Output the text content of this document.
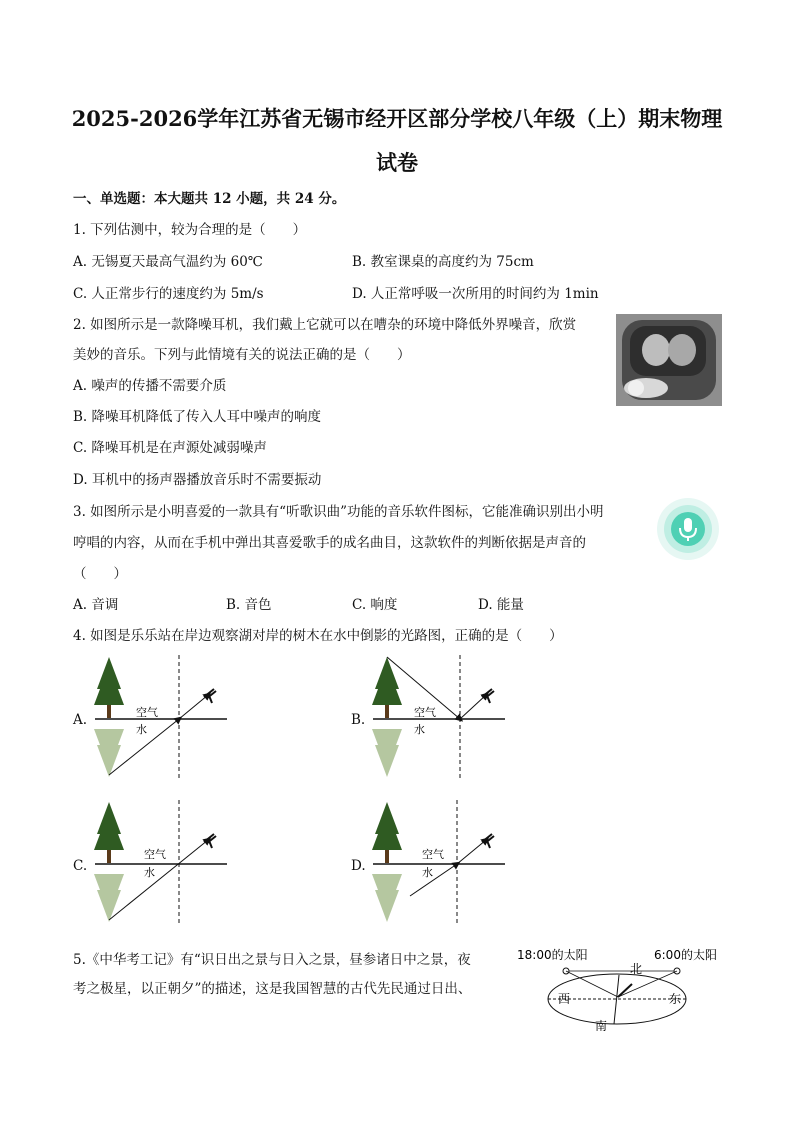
2025-2026学年江苏省无锡市经开区部分学校八年级（上）期末物理
试卷
一、单选题：本大题共 12 小题，共 24 分。
1. 下列估测中，较为合理的是（　　）
A. 无锡夏天最高气温约为 60℃	B. 教室课桌的高度约为 75cm
C. 人正常步行的速度约为 5m/s	D. 人正常呼吸一次所用的时间约为 1min
2. 如图所示是一款降噪耳机，我们戴上它就可以在嘈杂的环境中降低外界噪音，欣赏
美妙的音乐。下列与此情境有关的说法正确的是（　　）
A. 噪声的传播不需要介质
B. 降噪耳机降低了传入人耳中噪声的响度
C. 降噪耳机是在声源处减弱噪声
D. 耳机中的扬声器播放音乐时不需要振动
3. 如图所示是小明喜爱的一款具有“听歌识曲”功能的音乐软件图标，它能准确识别出小明
哼唱的内容，从而在手机中弹出其喜爱歌手的成名曲目，这款软件的判断依据是声音的
（　　）
A. 音调	B. 音色	C. 响度	D. 能量
4. 如图是乐乐站在岸边观察湖对岸的树木在水中倒影的光路图，正确的是（　　）
A.	B.
C.	D.
空气
水
空气
水
空气
水
空气
水
5.《中华考工记》有“识日出之景与日入之景，昼参诸日中之景，夜
考之极星，以正朝夕”的描述，这是我国智慧的古代先民通过日出、
18:00的太阳	6:00的太阳
北
南
西	东
